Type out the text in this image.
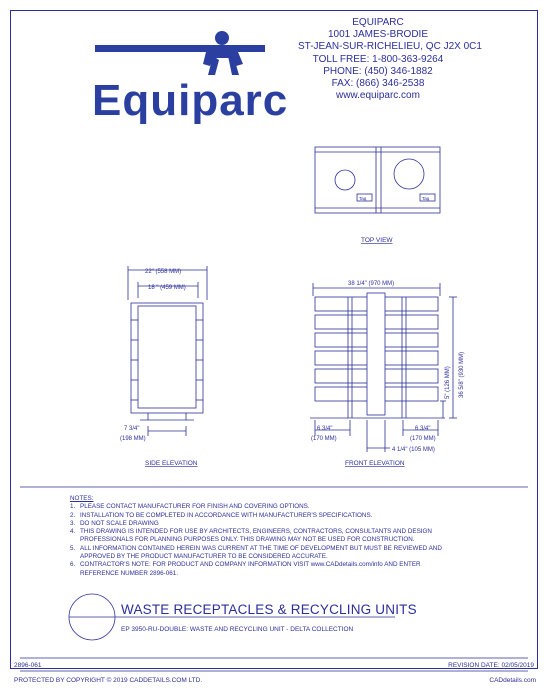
Equiparc
Tag	Tag
TOP VIEW
22" (558 MM)
18 " (459 MM)
7 3/4"
(198 MM)
SIDE ELEVATION
38 1/4" (970 MM)
36 5/8" (930 MM)
5" (126 MM)
6 3/4"
(170 MM)
6 3/4"
(170 MM)
4 1/4" (105 MM)
FRONT ELEVATION
EQUIPARC
1001 JAMES-BRODIE
ST-JEAN-SUR-RICHELIEU, QC J2X 0C1
TOLL FREE: 1-800-363-9264
PHONE: (450) 346-1882
FAX: (866) 346-2538
www.equiparc.com
NOTES:
1. PLEASE CONTACT MANUFACTURER FOR FINISH AND COVERING OPTIONS.
2. INSTALLATION TO BE COMPLETED IN ACCORDANCE WITH MANUFACTURER'S SPECIFICATIONS.
3. DO NOT SCALE DRAWING
4. THIS DRAWING IS INTENDED FOR USE BY ARCHITECTS, ENGINEERS, CONTRACTORS, CONSULTANTS AND DESIGN PROFESSIONALS FOR PLANNING PURPOSES ONLY. THIS DRAWING MAY NOT BE USED FOR CONSTRUCTION.
5. ALL INFORMATION CONTAINED HEREIN WAS CURRENT AT THE TIME OF DEVELOPMENT BUT MUST BE REVIEWED AND APPROVED BY THE PRODUCT MANUFACTURER TO BE CONSIDERED ACCURATE.
6. CONTRACTOR'S NOTE: FOR PRODUCT AND COMPANY INFORMATION VISIT www.CADdetails.com/info AND ENTER REFERENCE NUMBER 2896-061.
WASTE RECEPTACLES & RECYCLING UNITS
EP 3950-RU-DOUBLE: WASTE AND RECYCLING UNIT - DELTA COLLECTION
2896-061	REVISION DATE: 02/05/2019
PROTECTED BY COPYRIGHT © 2019 CADDETAILS.COM LTD.	CADdetails.com
